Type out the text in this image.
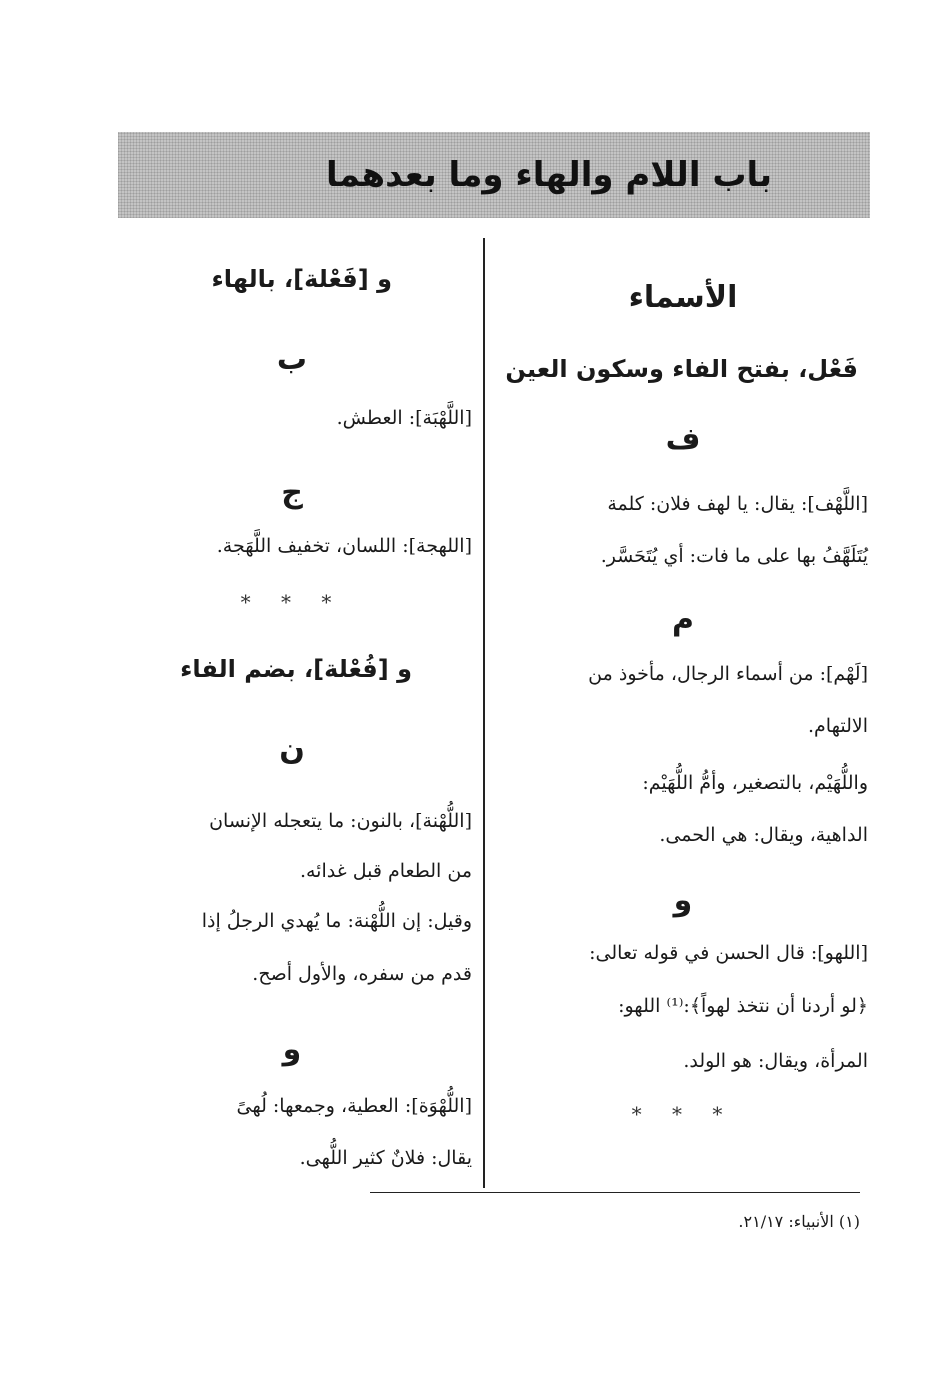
باب اللام والهاء وما بعدهما
الأسماء
فَعْل، بفتح الفاء وسكون العين
ف
[اللَّهْف]: يقال: يا لهف فلان: كلمة
يُتَلَهَّفُ بها على ما فات: أي يُتَحَسَّر.
م
[لَهْم]: من أسماء الرجال، مأخوذ من
الالتهام.
واللُّهَيْم، بالتصغير، وأمُّ اللُّهَيْم:
الداهية، ويقال: هي الحمى.
و
[اللهو]: قال الحسن في قوله تعالى:
﴿لو أردنا أن نتخذ لهواً﴾:⁽¹⁾ اللهو:
المرأة، ويقال: هو الولد.
* * *
و [فَعْلة]، بالهاء
ب
[اللَّهْبَة]: العطش.
ج
[اللهجة]: اللسان، تخفيف اللَّهَجة.
* * *
و [فُعْلة]، بضم الفاء
ن
[اللُّهْنة]، بالنون: ما يتعجله الإنسان
من الطعام قبل غدائه.
وقيل: إن اللُّهْنة: ما يُهدي الرجلُ إذا
قدم من سفره، والأول أصح.
و
[اللُّهْوَة]: العطية، وجمعها: لُهىً
يقال: فلانٌ كثير اللُّهى.
(١) الأنبياء: ٢١/١٧.
